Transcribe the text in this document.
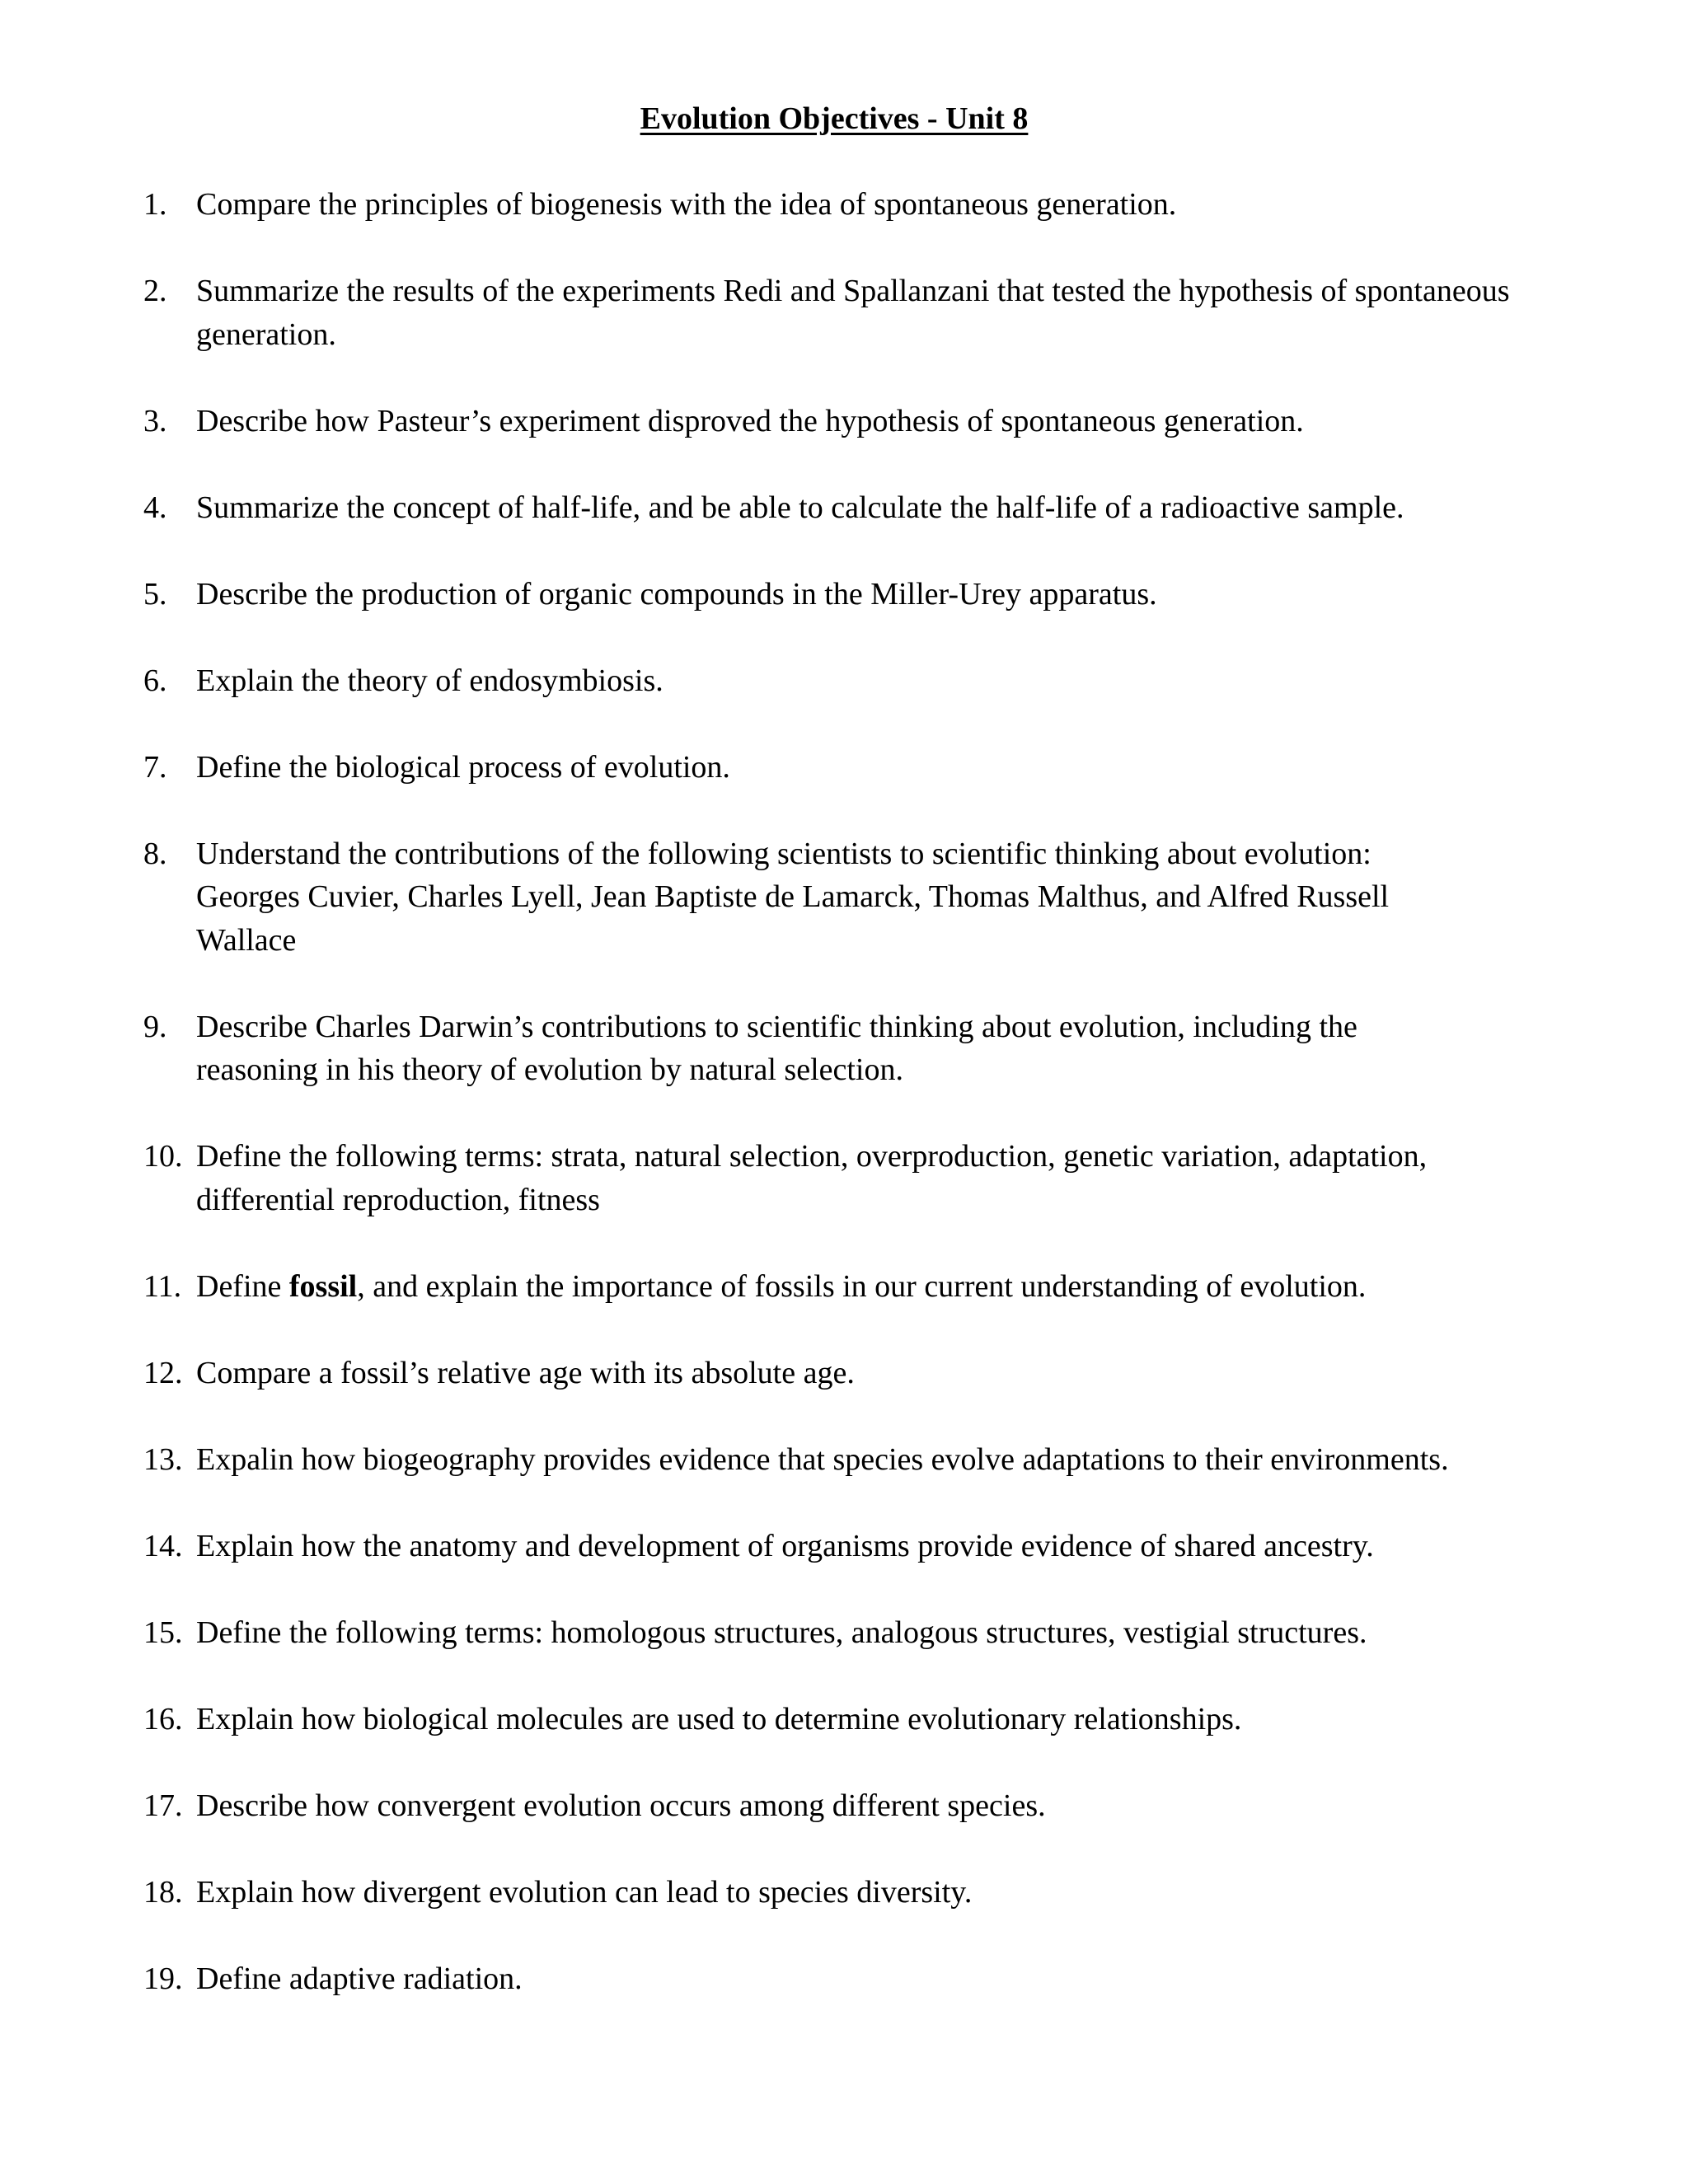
Evolution Objectives - Unit 8
1. Compare the principles of biogenesis with the idea of spontaneous generation.
2. Summarize the results of the experiments Redi and Spallanzani that tested the hypothesis of spontaneous
generation.
3. Describe how Pasteur’s experiment disproved the hypothesis of spontaneous generation.
4. Summarize the concept of half-life, and be able to calculate the half-life of a radioactive sample.
5. Describe the production of organic compounds in the Miller-Urey apparatus.
6. Explain the theory of endosymbiosis.
7. Define the biological process of evolution.
8. Understand the contributions of the following scientists to scientific thinking about evolution:
Georges Cuvier, Charles Lyell, Jean Baptiste de Lamarck, Thomas Malthus, and Alfred Russell
Wallace
9. Describe Charles Darwin’s contributions to scientific thinking about evolution, including the
reasoning in his theory of evolution by natural selection.
10. Define the following terms: strata, natural selection, overproduction, genetic variation, adaptation,
differential reproduction, fitness
11. Define fossil, and explain the importance of fossils in our current understanding of evolution.
12. Compare a fossil’s relative age with its absolute age.
13. Expalin how biogeography provides evidence that species evolve adaptations to their environments.
14. Explain how the anatomy and development of organisms provide evidence of shared ancestry.
15. Define the following terms: homologous structures, analogous structures, vestigial structures.
16. Explain how biological molecules are used to determine evolutionary relationships.
17. Describe how convergent evolution occurs among different species.
18. Explain how divergent evolution can lead to species diversity.
19. Define adaptive radiation.
